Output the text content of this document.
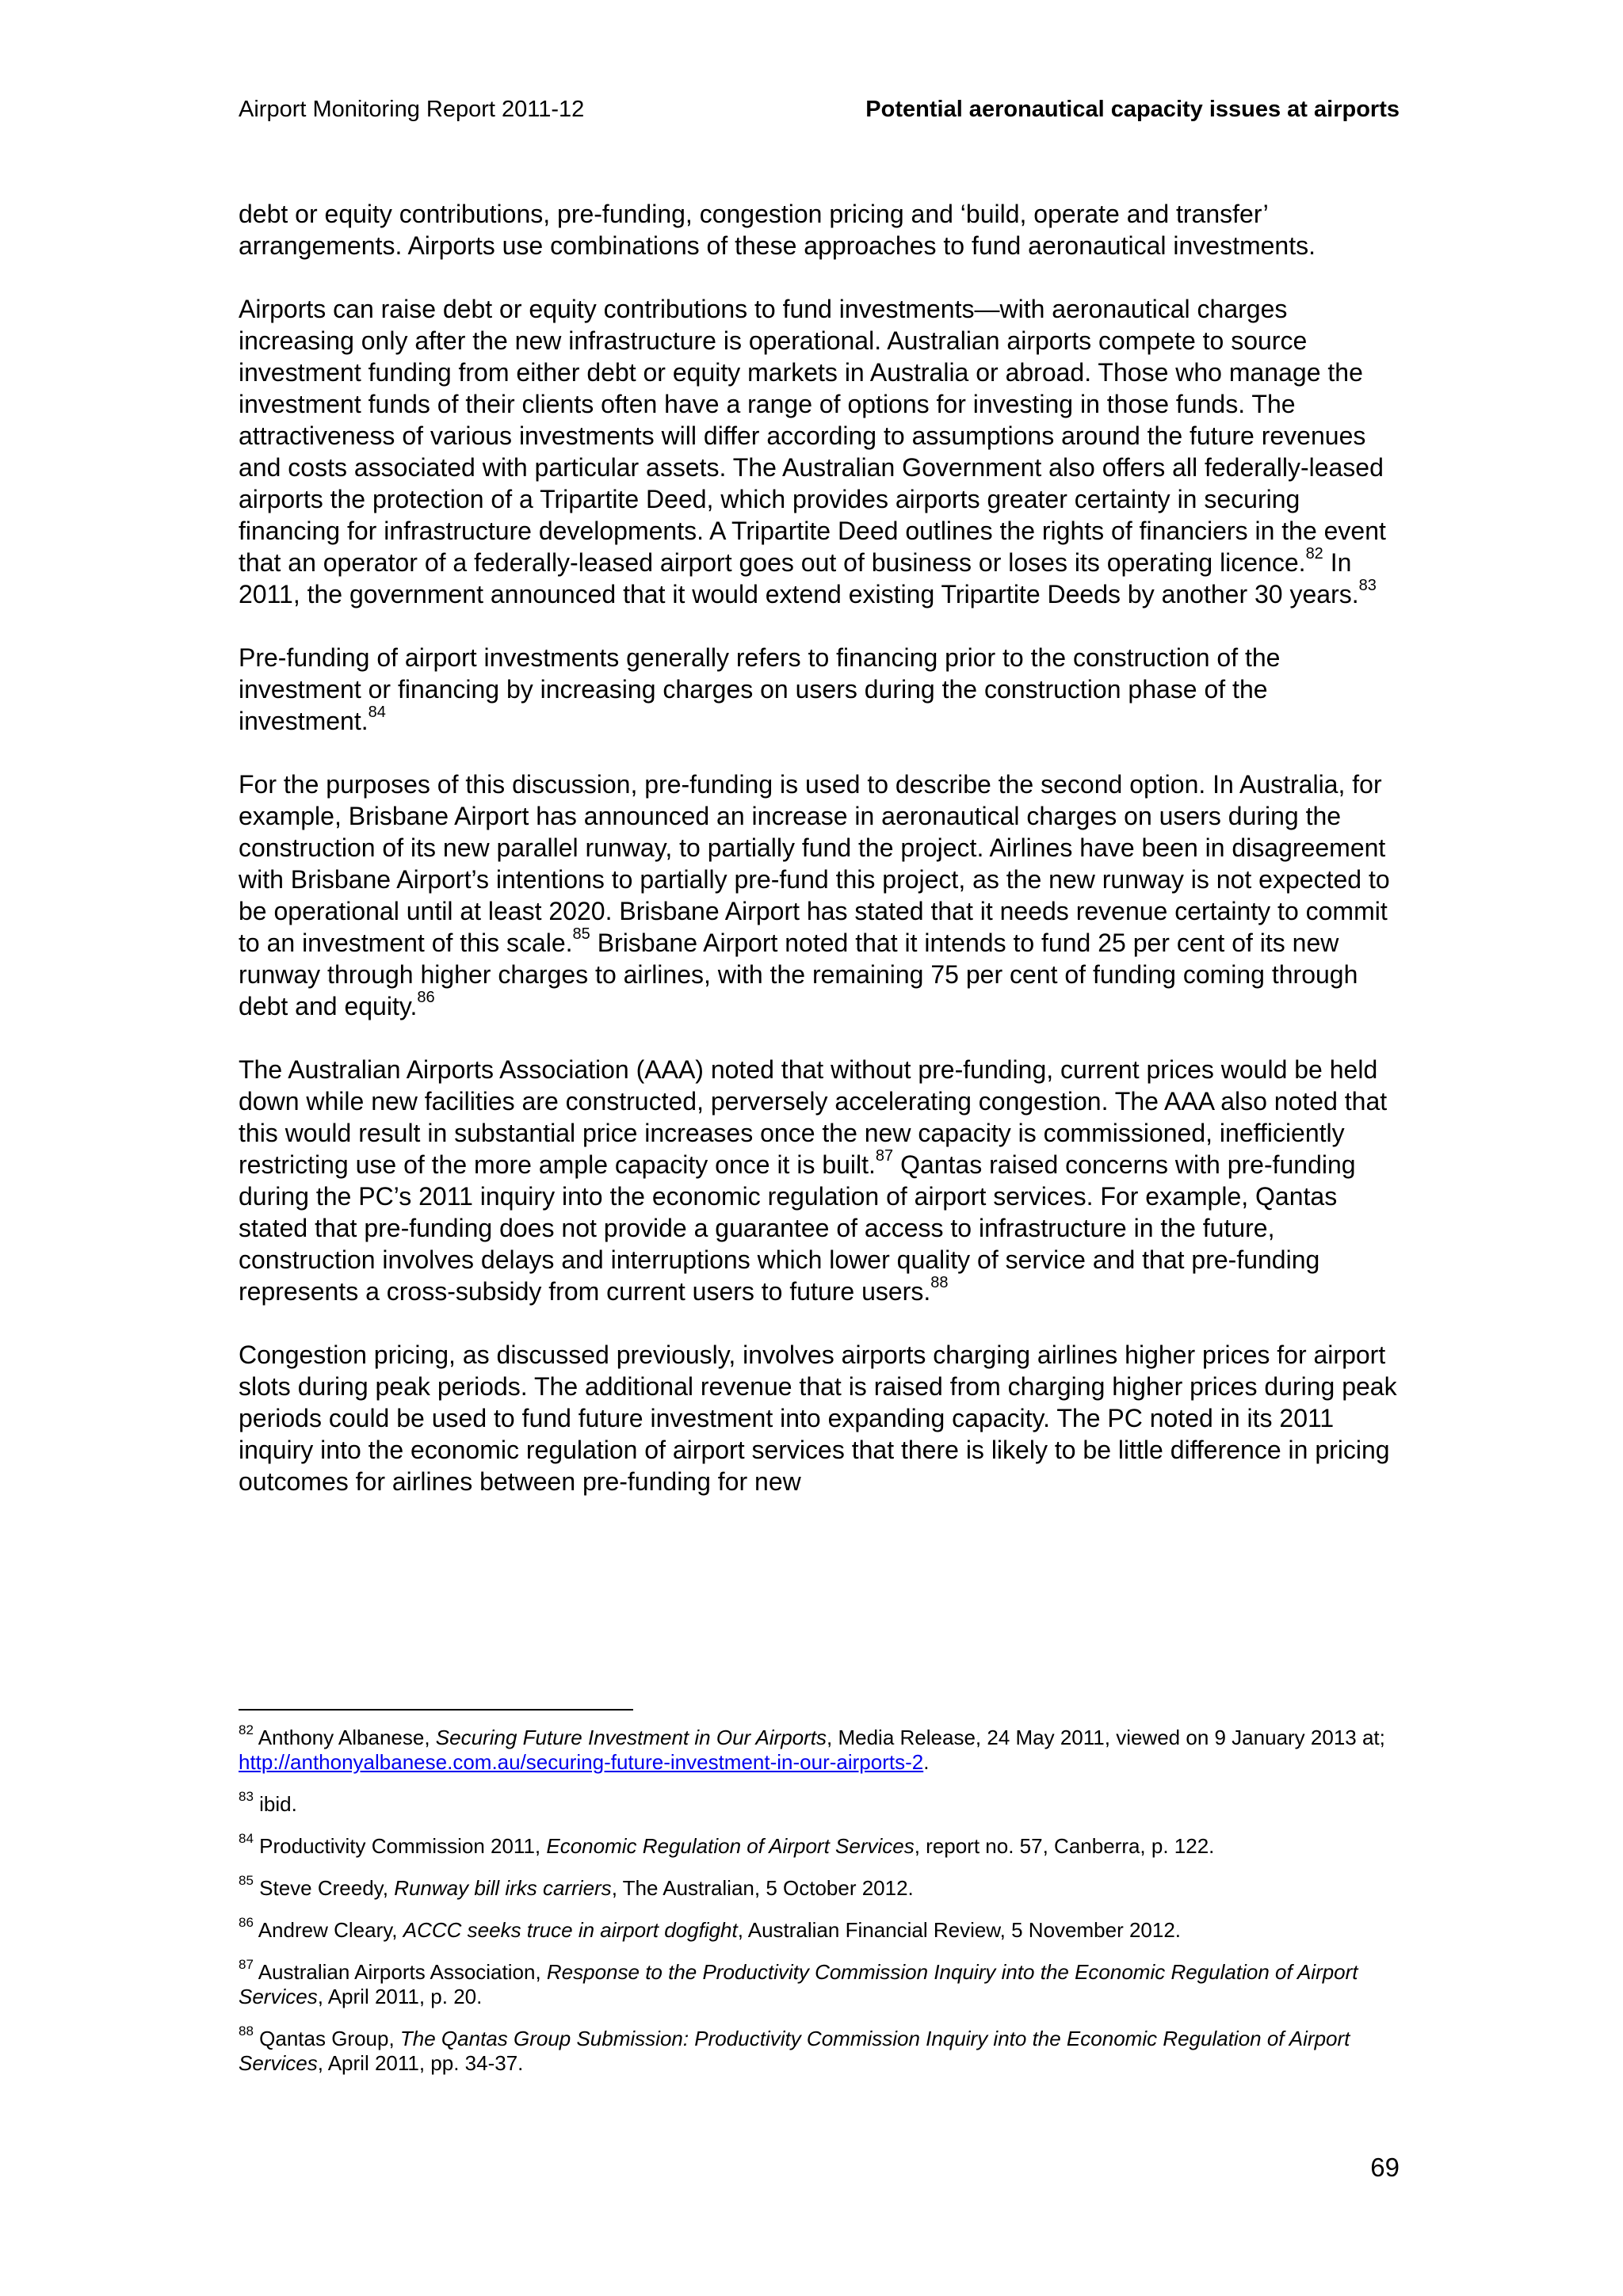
Airport Monitoring Report 2011-12	Potential aeronautical capacity issues at airports

debt or equity contributions, pre-funding, congestion pricing and ‘build, operate and transfer’ arrangements. Airports use combinations of these approaches to fund aeronautical investments.

Airports can raise debt or equity contributions to fund investments—with aeronautical charges increasing only after the new infrastructure is operational. Australian airports compete to source investment funding from either debt or equity markets in Australia or abroad. Those who manage the investment funds of their clients often have a range of options for investing in those funds. The attractiveness of various investments will differ according to assumptions around the future revenues and costs associated with particular assets. The Australian Government also offers all federally-leased airports the protection of a Tripartite Deed, which provides airports greater certainty in securing financing for infrastructure developments. A Tripartite Deed outlines the rights of financiers in the event that an operator of a federally-leased airport goes out of business or loses its operating licence.$^{82}$ In 2011, the government announced that it would extend existing Tripartite Deeds by another 30 years.$^{83}$

Pre-funding of airport investments generally refers to financing prior to the construction of the investment or financing by increasing charges on users during the construction phase of the investment.$^{84}$

For the purposes of this discussion, pre-funding is used to describe the second option. In Australia, for example, Brisbane Airport has announced an increase in aeronautical charges on users during the construction of its new parallel runway, to partially fund the project. Airlines have been in disagreement with Brisbane Airport’s intentions to partially pre-fund this project, as the new runway is not expected to be operational until at least 2020. Brisbane Airport has stated that it needs revenue certainty to commit to an investment of this scale.$^{85}$ Brisbane Airport noted that it intends to fund 25 per cent of its new runway through higher charges to airlines, with the remaining 75 per cent of funding coming through debt and equity.$^{86}$

The Australian Airports Association (AAA) noted that without pre-funding, current prices would be held down while new facilities are constructed, perversely accelerating congestion. The AAA also noted that this would result in substantial price increases once the new capacity is commissioned, inefficiently restricting use of the more ample capacity once it is built.$^{87}$ Qantas raised concerns with pre-funding during the PC’s 2011 inquiry into the economic regulation of airport services. For example, Qantas stated that pre-funding does not provide a guarantee of access to infrastructure in the future, construction involves delays and interruptions which lower quality of service and that pre-funding represents a cross-subsidy from current users to future users.$^{88}$

Congestion pricing, as discussed previously, involves airports charging airlines higher prices for airport slots during peak periods. The additional revenue that is raised from charging higher prices during peak periods could be used to fund future investment into expanding capacity. The PC noted in its 2011 inquiry into the economic regulation of airport services that there is likely to be little difference in pricing outcomes for airlines between pre-funding for new

$^{82}$ Anthony Albanese, Securing Future Investment in Our Airports, Media Release, 24 May 2011, viewed on 9 January 2013 at; http://anthonyalbanese.com.au/securing-future-investment-in-our-airports-2.
$^{83}$ ibid.
$^{84}$ Productivity Commission 2011, Economic Regulation of Airport Services, report no. 57, Canberra, p. 122.
$^{85}$ Steve Creedy, Runway bill irks carriers, The Australian, 5 October 2012.
$^{86}$ Andrew Cleary, ACCC seeks truce in airport dogfight, Australian Financial Review, 5 November 2012.
$^{87}$ Australian Airports Association, Response to the Productivity Commission Inquiry into the Economic Regulation of Airport Services, April 2011, p. 20.
$^{88}$ Qantas Group, The Qantas Group Submission: Productivity Commission Inquiry into the Economic Regulation of Airport Services, April 2011, pp. 34-37.
69
